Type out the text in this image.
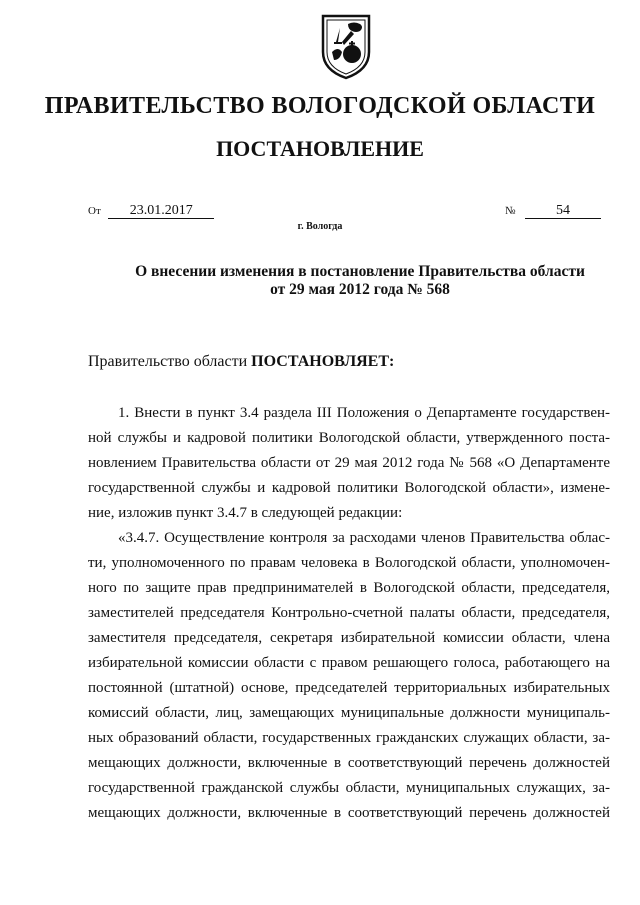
ПРАВИТЕЛЬСТВО ВОЛОГОДСКОЙ ОБЛАСТИ
ПОСТАНОВЛЕНИЕ
От 23.01.2017	№	54
г. Вологда
О внесении изменения в постановление Правительства области
от 29 мая 2012 года № 568
Правительство области ПОСТАНОВЛЯЕТ:
1. Внести в пункт 3.4 раздела III Положения о Департаменте государствен-
ной службы и кадровой политики Вологодской области, утвержденного поста-
новлением Правительства области от 29 мая 2012 года № 568 «О Департаменте
государственной службы и кадровой политики Вологодской области», измене-
ние, изложив пункт 3.4.7 в следующей редакции:
«3.4.7. Осуществление контроля за расходами членов Правительства облас-
ти, уполномоченного по правам человека в Вологодской области, уполномочен-
ного по защите прав предпринимателей в Вологодской области, председателя,
заместителей председателя Контрольно-счетной палаты области, председателя,
заместителя председателя, секретаря избирательной комиссии области, члена
избирательной комиссии области с правом решающего голоса, работающего на
постоянной (штатной) основе, председателей территориальных избирательных
комиссий области, лиц, замещающих муниципальные должности муниципаль-
ных образований области, государственных гражданских служащих области, за-
мещающих должности, включенные в соответствующий перечень должностей
государственной гражданской службы области, муниципальных служащих, за-
мещающих должности, включенные в соответствующий перечень должностей
